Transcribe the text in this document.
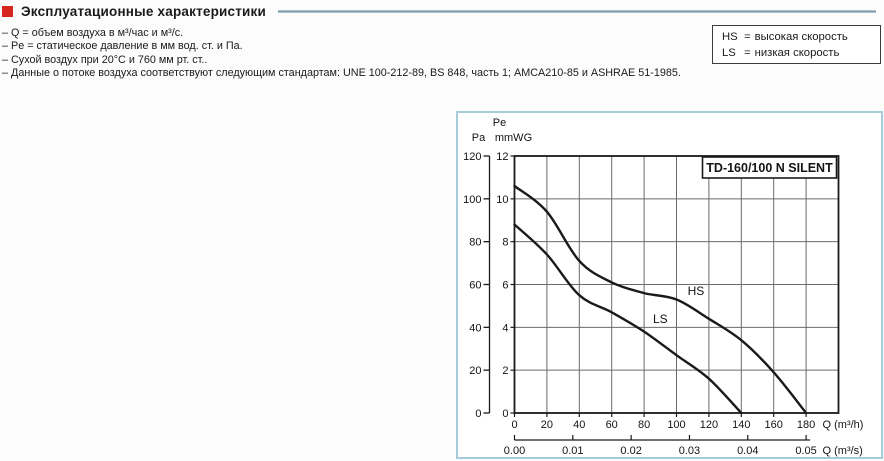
Эксплуатационные характеристики
– Q = объем воздуха в м³/час и м³/с.
– Pe = статическое давление в мм вод. ст. и Па.
– Сухой воздух при 20°C и 760 мм рт. ст..
– Данные о потоке воздуха соответствуют следующим стандартам: UNE 100-212-89, BS 848, часть 1; AMCA210-85 и ASHRAE 51-1985.
HS = высокая скорость
LS = низкая скорость
Pe
Pa mmWG
0
20
40
60
80
100
120
0
2
4
6
8
10
12
0 20 40 60 80 100 120 140 160 180 Q (m³/h)
0.00	0.01	0.02	0.03	0.04	0.05 Q (m³/s)
HS
LS
TD-160/100 N SILENT
